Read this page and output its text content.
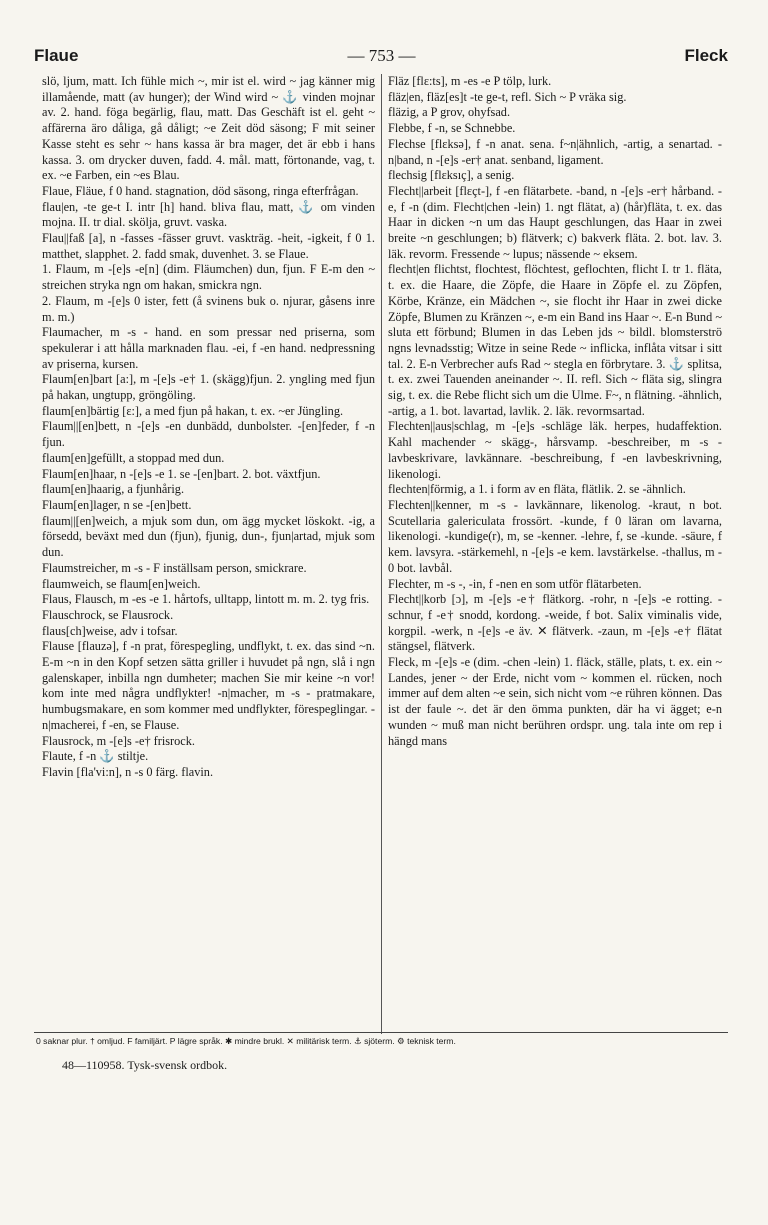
Flaue	— 753 —	Fleck

slö, ljum, matt. Ich fühle mich ~, mir ist el. wird ~ jag känner mig illamående, matt (av hunger); der Wind wird ~ ⚓ vinden mojnar av. 2. hand. föga begärlig, flau, matt. Das Geschäft ist el. geht ~ affärerna äro dåliga, gå dåligt; ~e Zeit död säsong; F mit seiner Kasse steht es sehr ~ hans kassa är bra mager, det är ebb i hans kassa. 3. om drycker duven, fadd. 4. mål. matt, förtonande, vag, t. ex. ~e Farben, ein ~es Blau.

Flaue, Fläue, f 0 hand. stagnation, död säsong, ringa efterfrågan.

flau|en, -te ge-t I. intr [h] hand. bliva flau, matt, ⚓ om vinden mojna. II. tr dial. skölja, gruvt. vaska.

Flau||faß [a], n -fasses -fässer gruvt. vaskträg. -heit, -igkeit, f 0 1. matthet, slapphet. 2. fadd smak, duvenhet. 3. se Flaue.

1. Flaum, m -[e]s -e[n] (dim. Fläumchen) dun, fjun. F E-m den ~ streichen stryka ngn om hakan, smickra ngn.

2. Flaum, m -[e]s 0 ister, fett (å svinens buk o. njurar, gåsens inre m. m.)

Flaumacher, m -s - hand. en som pressar ned priserna, som spekulerar i att hålla marknaden flau. -ei, f -en hand. nedpressning av priserna, kursen.

Flaum[en]bart [a:], m -[e]s -e† 1. (skägg)fjun. 2. yngling med fjun på hakan, ungtupp, gröngöling.

flaum[en]bärtig [ε:], a med fjun på hakan, t. ex. ~er Jüngling.

Flaum||[en]bett, n -[e]s -en dunbädd, dunbolster. -[en]feder, f -n fjun.

flaum[en]gefüllt, a stoppad med dun.

Flaum[en]haar, n -[e]s -e 1. se -[en]bart. 2. bot. växtfjun.

flaum[en]haarig, a fjunhårig.

Flaum[en]lager, n se -[en]bett.

flaum||[en]weich, a mjuk som dun, om ägg mycket löskokt. -ig, a försedd, beväxt med dun (fjun), fjunig, dun-, fjun|artad, mjuk som dun.

Flaumstreicher, m -s - F inställsam person, smickrare.

flaumweich, se flaum[en]weich.

Flaus, Flausch, m -es -e 1. hårtofs, ulltapp, lintott m. m. 2. tyg fris.

Flauschrock, se Flausrock.

flaus[ch]weise, adv i tofsar.

Flause [flauzə], f -n prat, förespegling, undflykt, t. ex. das sind ~n. E-m ~n in den Kopf setzen sätta griller i huvudet på ngn, slå i ngn galenskaper, inbilla ngn dumheter; machen Sie mir keine ~n vor! kom inte med några undflykter! -n|macher, m -s - pratmakare, humbugsmakare, en som kommer med undflykter, förespeglingar. -n|macherei, f -en, se Flause.

Flausrock, m -[e]s -e† frisrock.

Flaute, f -n ⚓ stiltje.

Flavin [fla'vi:n], n -s 0 färg. flavin.

Fläz [flε:ts], m -es -e P tölp, lurk.

fläz|en, fläz[es]t -te ge-t, refl. Sich ~ P vräka sig.

fläzig, a P grov, ohyfsad.

Flebbe, f -n, se Schnebbe.

Flechse [flεksə], f -n anat. sena. f~n|ähnlich, -artig, a senartad. -n|band, n -[e]s -er† anat. senband, ligament.

flechsig [flεksıç], a senig.

Flecht||arbeit [flεçt-], f -en flätarbete. -band, n -[e]s -er† hårband. -e, f -n (dim. Flecht|chen -lein) 1. ngt flätat, a) (hår)fläta, t. ex. das Haar in dicken ~n um das Haupt geschlungen, das Haar in zwei breite ~n geschlungen; b) flätverk; c) bakverk fläta. 2. bot. lav. 3. läk. revorm. Fressende ~ lupus; nässende ~ eksem.

flecht|en flichtst, flochtest, flöchtest, geflochten, flicht I. tr 1. fläta, t. ex. die Haare, die Zöpfe, die Haare in Zöpfe el. zu Zöpfen, Körbe, Kränze, ein Mädchen ~, sie flocht ihr Haar in zwei dicke Zöpfe, Blumen zu Kränzen ~, e-m ein Band ins Haar ~. E-n Bund ~ sluta ett förbund; Blumen in das Leben jds ~ bildl. blomsterströ ngns levnadsstig; Witze in seine Rede ~ inflicka, inflåta vitsar i sitt tal. 2. E-n Verbrecher aufs Rad ~ stegla en förbrytare. 3. ⚓ splitsa, t. ex. zwei Tauenden aneinander ~. II. refl. Sich ~ fläta sig, slingra sig, t. ex. die Rebe flicht sich um die Ulme. F~, n flätning. -ähnlich, -artig, a 1. bot. lavartad, lavlik. 2. läk. revormsartad.

Flechten||aus|schlag, m -[e]s -schläge läk. herpes, hudaffektion. Kahl machender ~ skägg-, hårsvamp. -beschreiber, m -s - lavbeskrivare, lavkännare. -beschreibung, f -en lavbeskrivning, likenologi.

flechten|förmig, a 1. i form av en fläta, flätlik. 2. se -ähnlich.

Flechten||kenner, m -s - lavkännare, likenolog. -kraut, n bot. Scutellaria galericulata frossört. -kunde, f 0 läran om lavarna, likenologi. -kundige(r), m, se -kenner. -lehre, f, se -kunde. -säure, f kem. lavsyra. -stärkemehl, n -[e]s -e kem. lavstärkelse. -thallus, m - 0 bot. lavbål.

Flechter, m -s -, -in, f -nen en som utför flätarbeten.

Flecht||korb [ɔ], m -[e]s -e† flätkorg. -rohr, n -[e]s -e rotting. -schnur, f -e† snodd, kordong. -weide, f bot. Salix viminalis vide, korgpil. -werk, n -[e]s -e äv. ✕ flätverk. -zaun, m -[e]s -e† flätat stängsel, flätverk.

Fleck, m -[e]s -e (dim. -chen -lein) 1. fläck, ställe, plats, t. ex. ein ~ Landes, jener ~ der Erde, nicht vom ~ kommen el. rücken, noch immer auf dem alten ~e sein, sich nicht vom ~e rühren können. Das ist der faule ~. det är den ömma punkten, där ha vi ägget; e-n wunden ~ muß man nicht berühren ordspr. ung. tala inte om rep i hängd mans

0 saknar plur. † omljud. F familjärt. P lägre språk. ✱ mindre brukl. ✕ militärisk term. ⚓ sjöterm. ⚙ teknisk term.
48—110958. Tysk-svensk ordbok.
